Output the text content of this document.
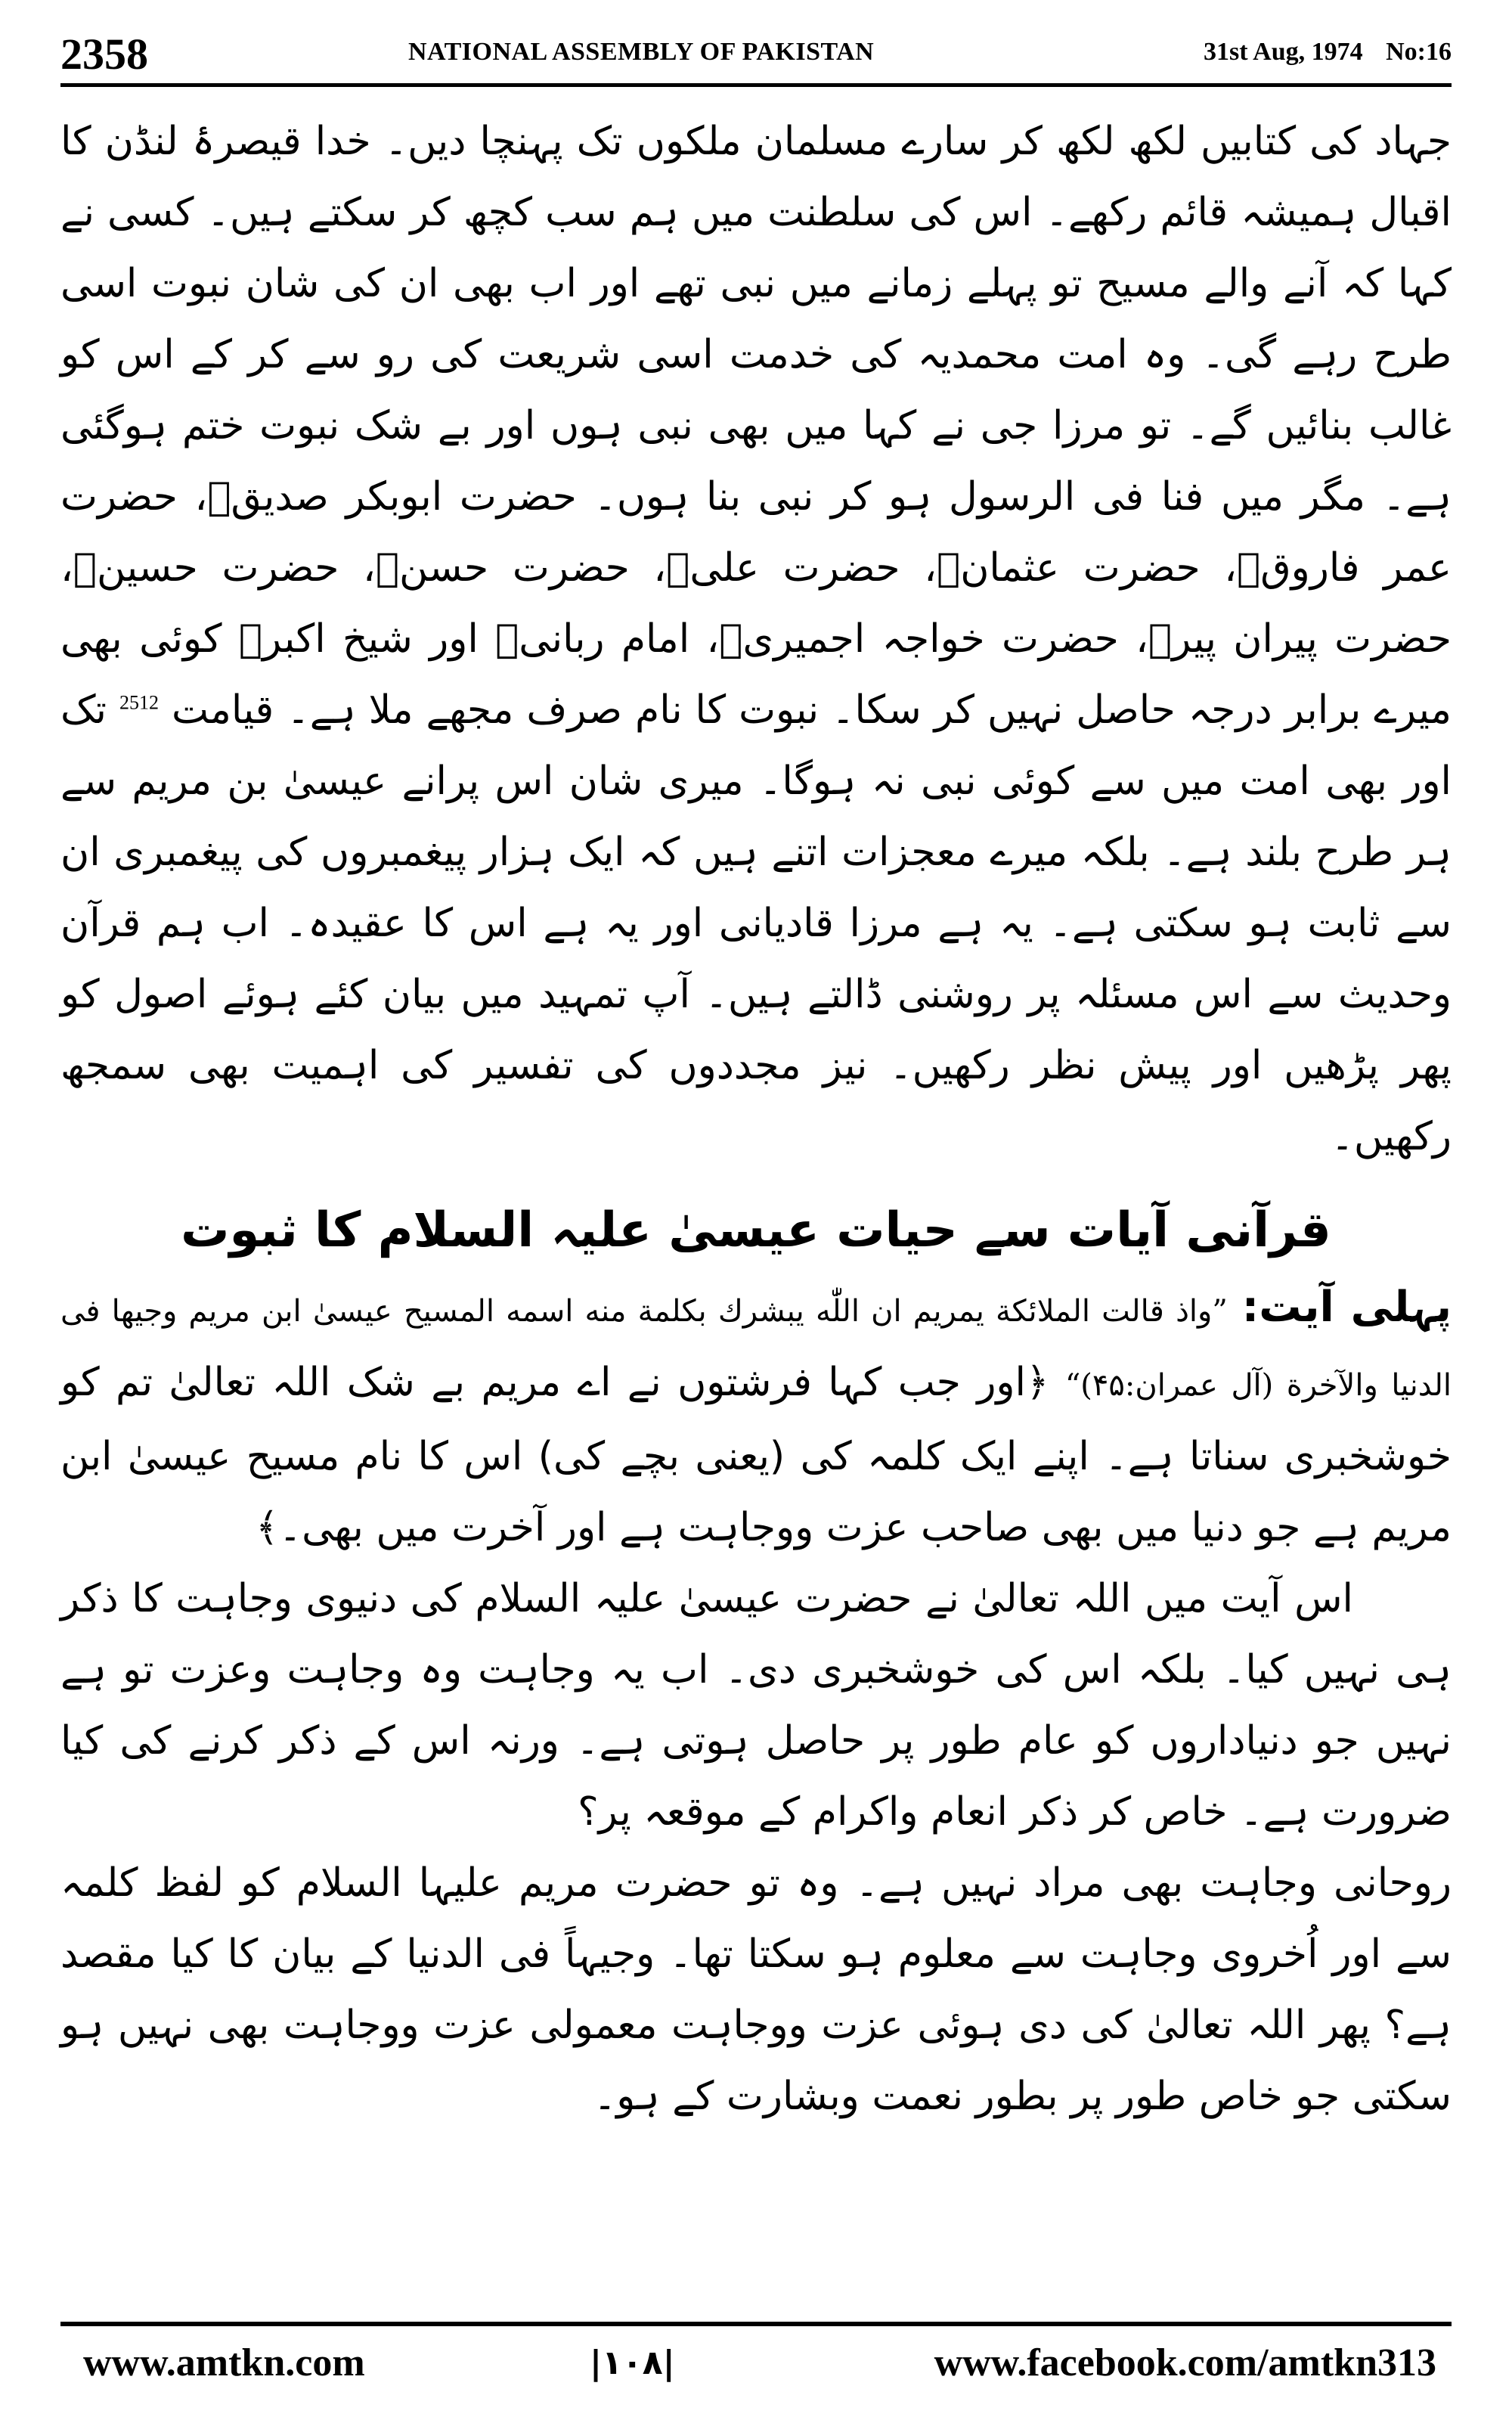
2358	NATIONAL ASSEMBLY OF PAKISTAN	31st Aug, 1974 No:16

جہاد کی کتابیں لکھ لکھ کر سارے مسلمان ملکوں تک پہنچا دیں۔ خدا قیصرۂ لنڈن کا اقبال ہمیشہ قائم رکھے۔ اس کی سلطنت میں ہم سب کچھ کر سکتے ہیں۔ کسی نے کہا کہ آنے والے مسیح تو پہلے زمانے میں نبی تھے اور اب بھی ان کی شان نبوت اسی طرح رہے گی۔ وہ امت محمدیہ کی خدمت اسی شریعت کی رو سے کر کے اس کو غالب بنائیں گے۔ تو مرزا جی نے کہا میں بھی نبی ہوں اور بے شک نبوت ختم ہوگئی ہے۔ مگر میں فنا فی الرسول ہو کر نبی بنا ہوں۔ حضرت ابوبکر صدیقؓ، حضرت عمر فاروقؓ، حضرت عثمانؓ، حضرت علیؓ، حضرت حسنؓ، حضرت حسینؓ، حضرت پیران پیرؒ، حضرت خواجہ اجمیریؒ، امام ربانیؒ اور شیخ اکبرؒ کوئی بھی میرے برابر درجہ حاصل نہیں کر سکا۔ نبوت کا نام صرف مجھے ملا ہے۔ قیامت $^{2512}$ تک اور بھی امت میں سے کوئی نبی نہ ہوگا۔ میری شان اس پرانے عیسیٰ بن مریم سے ہر طرح بلند ہے۔ بلکہ میرے معجزات اتنے ہیں کہ ایک ہزار پیغمبروں کی پیغمبری ان سے ثابت ہو سکتی ہے۔ یہ ہے مرزا قادیانی اور یہ ہے اس کا عقیدہ۔ اب ہم قرآن وحدیث سے اس مسئلہ پر روشنی ڈالتے ہیں۔ آپ تمہید میں بیان کئے ہوئے اصول کو پھر پڑھیں اور پیش نظر رکھیں۔ نیز مجددوں کی تفسیر کی اہمیت بھی سمجھ رکھیں۔

قرآنی آیات سے حیات عیسیٰ علیہ السلام کا ثبوت

پہلی آیت: ”واذ قالت الملائکة یمریم ان اللّٰه یبشرك بکلمة منه اسمه المسیح عیسیٰ ابن مریم وجیها فی الدنیا والآخرة (آل عمران:۴۵)“ ﴿اور جب کہا فرشتوں نے اے مریم بے شک اللہ تعالیٰ تم کو خوشخبری سناتا ہے۔ اپنے ایک کلمہ کی (یعنی بچے کی) اس کا نام مسیح عیسیٰ ابن مریم ہے جو دنیا میں بھی صاحب عزت ووجاہت ہے اور آخرت میں بھی۔﴾

اس آیت میں اللہ تعالیٰ نے حضرت عیسیٰ علیہ السلام کی دنیوی وجاہت کا ذکر ہی نہیں کیا۔ بلکہ اس کی خوشخبری دی۔ اب یہ وجاہت وہ وجاہت وعزت تو ہے نہیں جو دنیاداروں کو عام طور پر حاصل ہوتی ہے۔ ورنہ اس کے ذکر کرنے کی کیا ضرورت ہے۔ خاص کر ذکر انعام واکرام کے موقعہ پر؟

روحانی وجاہت بھی مراد نہیں ہے۔ وہ تو حضرت مریم علیہا السلام کو لفظ کلمہ سے اور اُخروی وجاہت سے معلوم ہو سکتا تھا۔ وجیہاً فی الدنیا کے بیان کا کیا مقصد ہے؟ پھر اللہ تعالیٰ کی دی ہوئی عزت ووجاہت معمولی عزت ووجاہت بھی نہیں ہو سکتی جو خاص طور پر بطور نعمت وبشارت کے ہو۔

www.amtkn.com	|۱۰۸|	www.facebook.com/amtkn313
